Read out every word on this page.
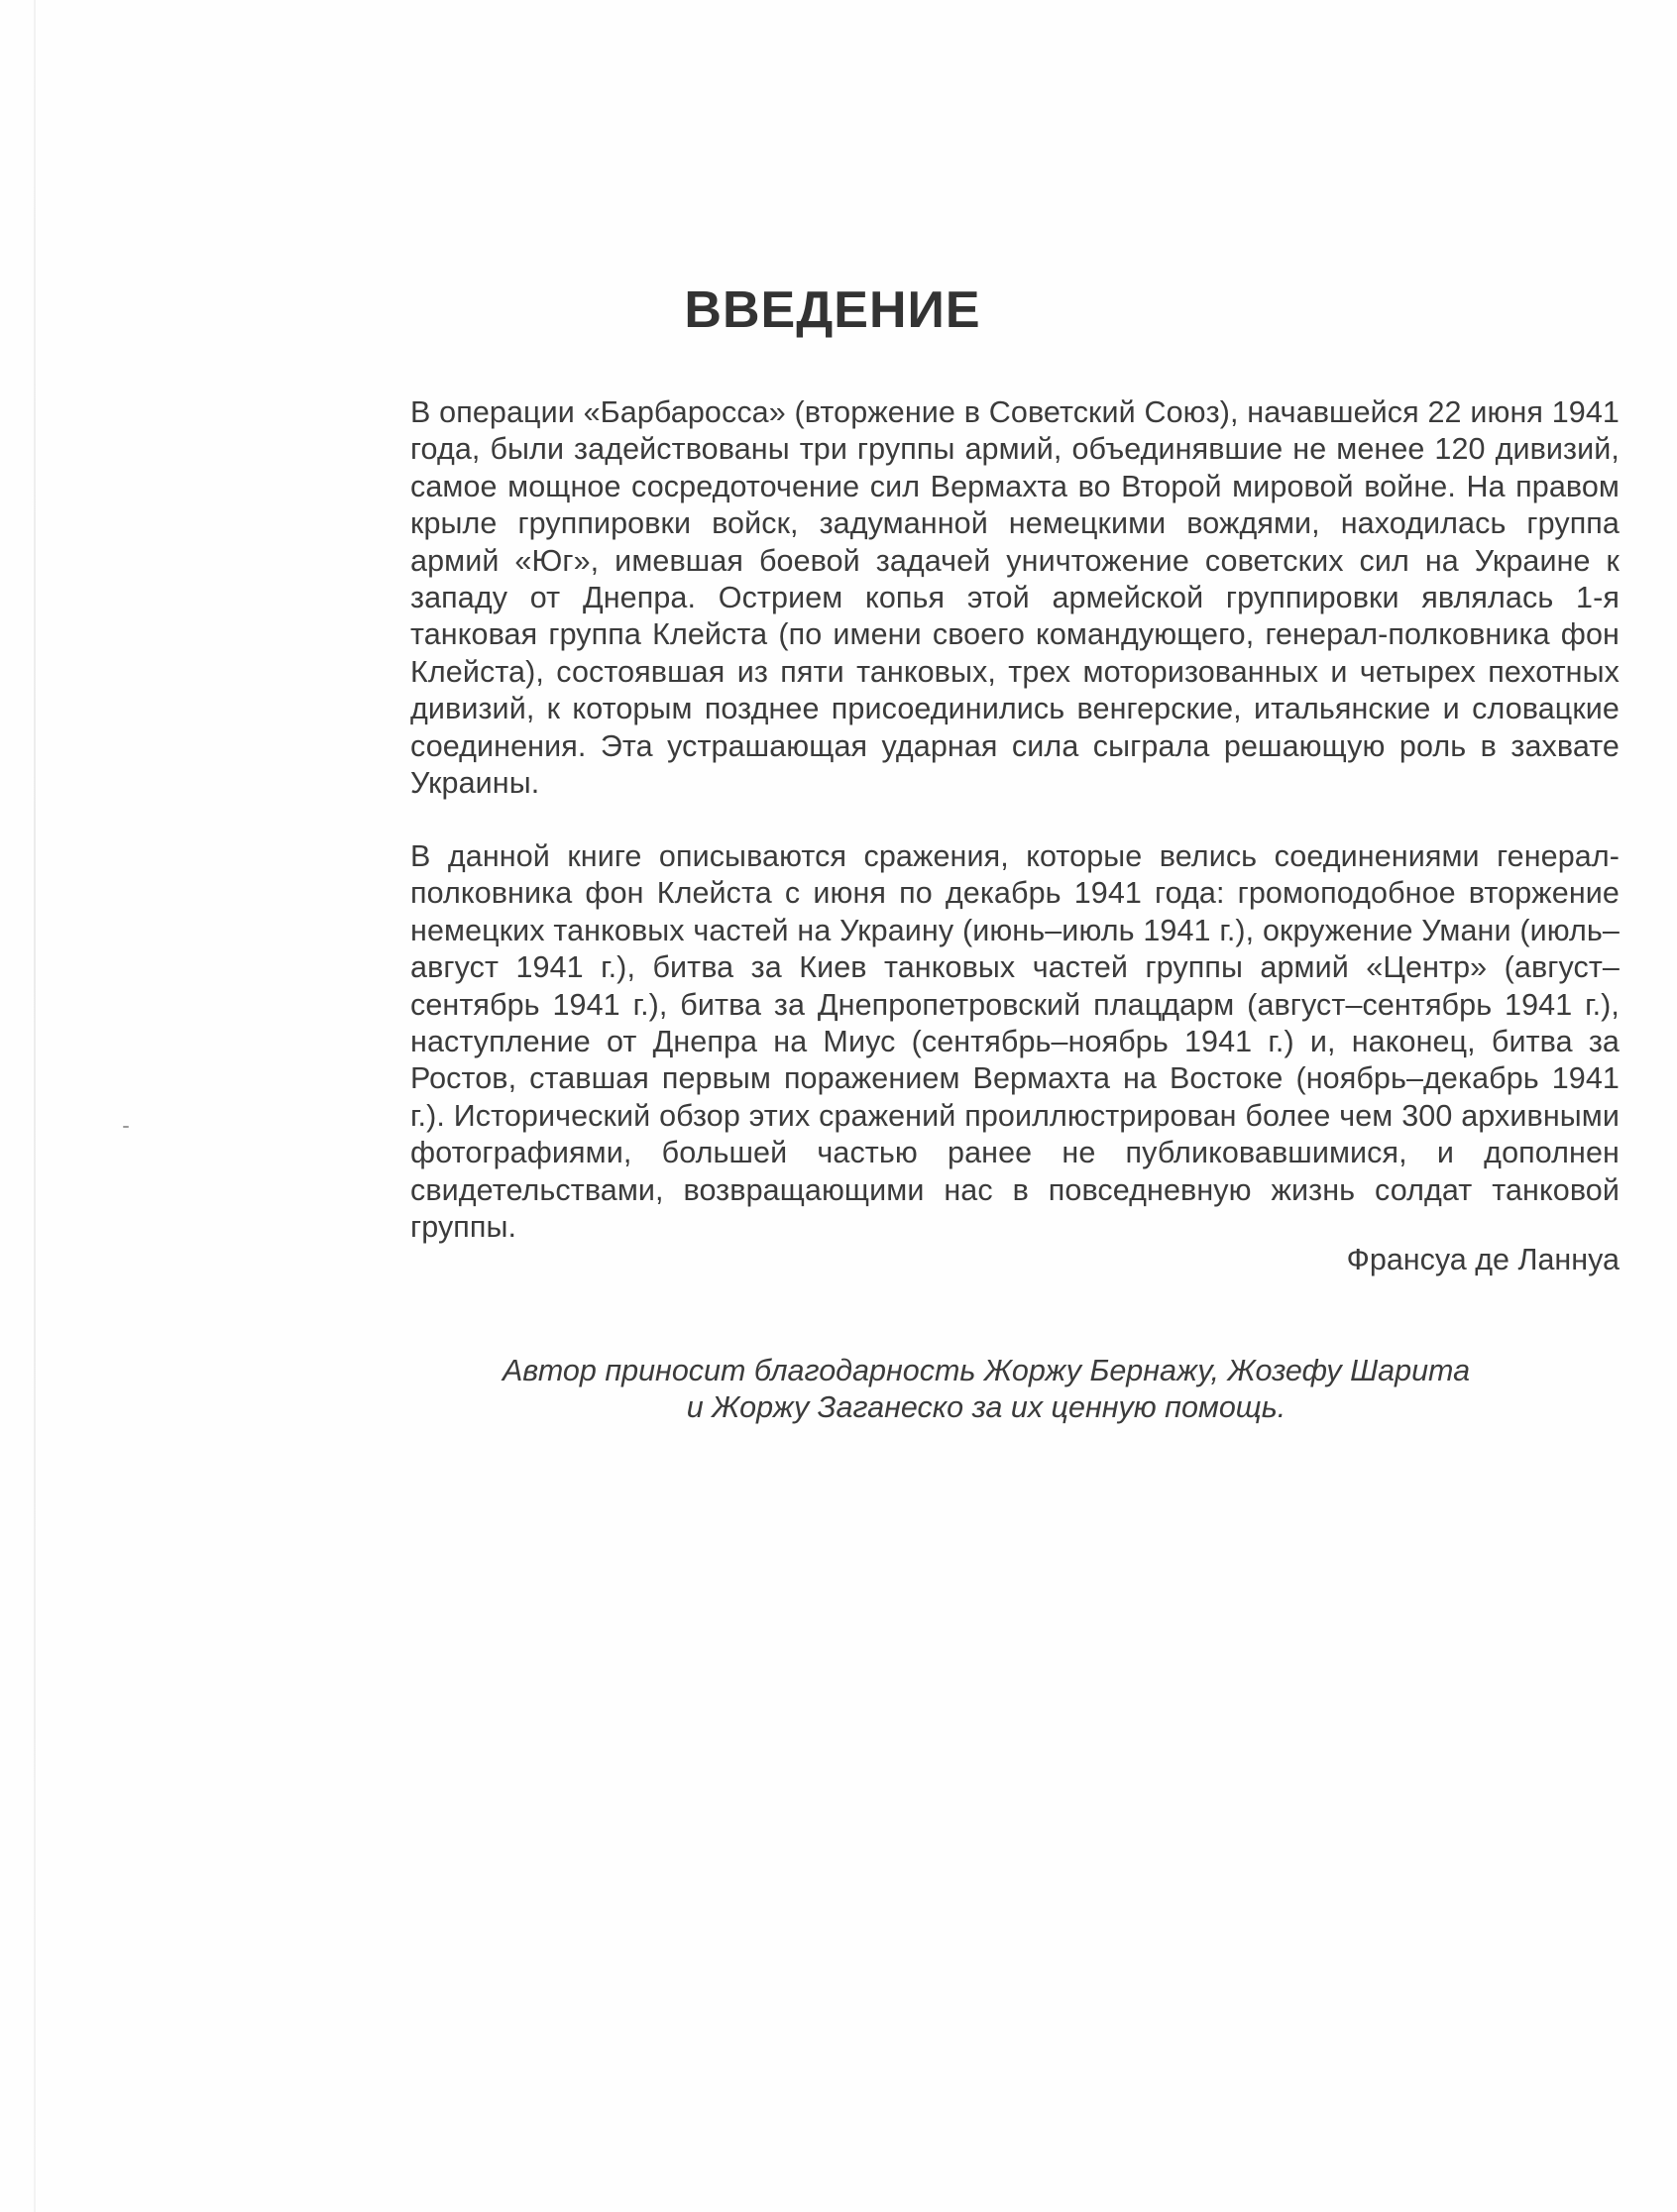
ВВЕДЕНИЕ

В операции «Барбаросса» (вторжение в Советский Союз), начавшейся 22 июня 1941 года, были задействованы три группы армий, объединявшие не менее 120 дивизий, самое мощное сосредоточение сил Вермахта во Второй мировой войне. На правом крыле группировки войск, задуманной немецкими вождями, находилась группа армий «Юг», имевшая боевой задачей уничтожение советских сил на Украине к западу от Днепра. Острием копья этой армейской группировки являлась 1-я танковая группа Клейста (по имени своего командующего, генерал-полковника фон Клейста), состоявшая из пяти танковых, трех моторизованных и четырех пехотных дивизий, к которым позднее присоединились венгерские, итальянские и словацкие соединения. Эта устрашающая ударная сила сыграла решающую роль в захвате Украины.

В данной книге описываются сражения, которые велись соединениями генерал-полковника фон Клейста с июня по декабрь 1941 года: громоподобное вторжение немецких танковых частей на Украину (июнь–июль 1941 г.), окружение Умани (июль–август 1941 г.), битва за Киев танковых частей группы армий «Центр» (август–сентябрь 1941 г.), битва за Днепропетровский плацдарм (август–сентябрь 1941 г.), наступление от Днепра на Миус (сентябрь–ноябрь 1941 г.) и, наконец, битва за Ростов, ставшая первым поражением Вермахта на Востоке (ноябрь–декабрь 1941 г.). Исторический обзор этих сражений проиллюстрирован более чем 300 архивными фотографиями, большей частью ранее не публиковавшимися, и дополнен свидетельствами, возвращающими нас в повседневную жизнь солдат танковой группы.

Франсуа де Ланнуа

Автор приносит благодарность Жоржу Бернажу, Жозефу Шарита
и Жоржу Заганеско за их ценную помощь.
